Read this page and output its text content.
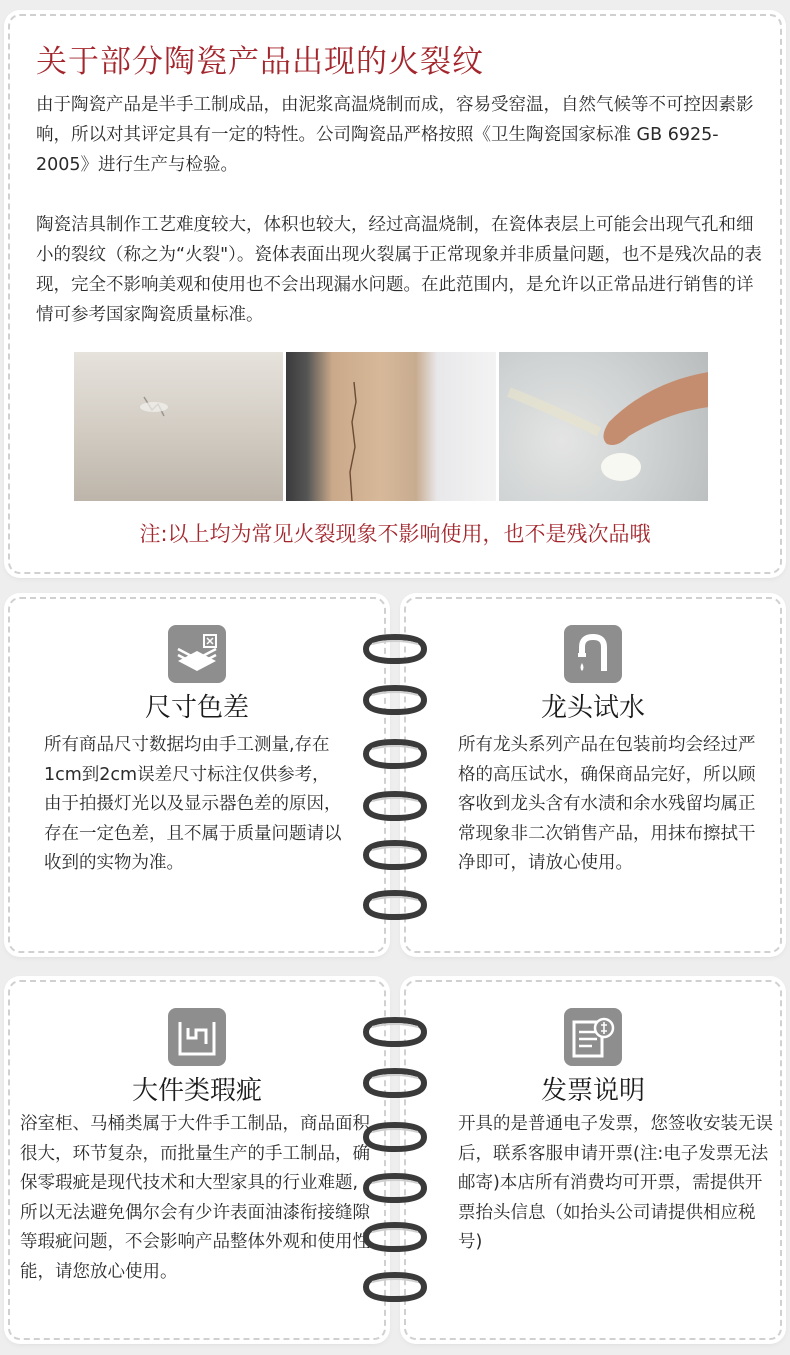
关于部分陶瓷产品出现的火裂纹

由于陶瓷产品是半手工制成品，由泥浆高温烧制而成，容易受窑温，自然气候等不可控因素影响，所以对其评定具有一定的特性。公司陶瓷品严格按照《卫生陶瓷国家标准 GB 6925-2005》进行生产与检验。

陶瓷洁具制作工艺难度较大，体积也较大，经过高温烧制，在瓷体表层上可能会出现气孔和细小的裂纹（称之为“火裂"）。瓷体表面出现火裂属于正常现象并非质量问题，也不是残次品的表现，完全不影响美观和使用也不会出现漏水问题。在此范围内，是允许以正常品进行销售的详情可参考国家陶瓷质量标准。

注:以上均为常见火裂现象不影响使用，也不是残次品哦
尺寸色差

所有商品尺寸数据均由手工测量,存在1cm到2cm误差尺寸标注仅供参考，由于拍摄灯光以及显示器色差的原因，存在一定色差，且不属于质量问题请以收到的实物为准。

龙头试水

所有龙头系列产品在包装前均会经过严格的高压试水，确保商品完好，所以顾客收到龙头含有水渍和余水残留均属正常现象非二次销售产品，用抹布擦拭干净即可，请放心使用。

大件类瑕疵

浴室柜、马桶类属于大件手工制品，商品面积很大，环节复杂，而批量生产的手工制品，确保零瑕疵是现代技术和大型家具的行业难题,所以无法避免偶尔会有少许表面油漆衔接缝隙等瑕疵问题，不会影响产品整体外观和使用性能，请您放心使用。

发票说明

开具的是普通电子发票，您签收安装无误后，联系客服申请开票(注:电子发票无法邮寄)本店所有消费均可开票，需提供开票抬头信息（如抬头公司请提供相应税号)
